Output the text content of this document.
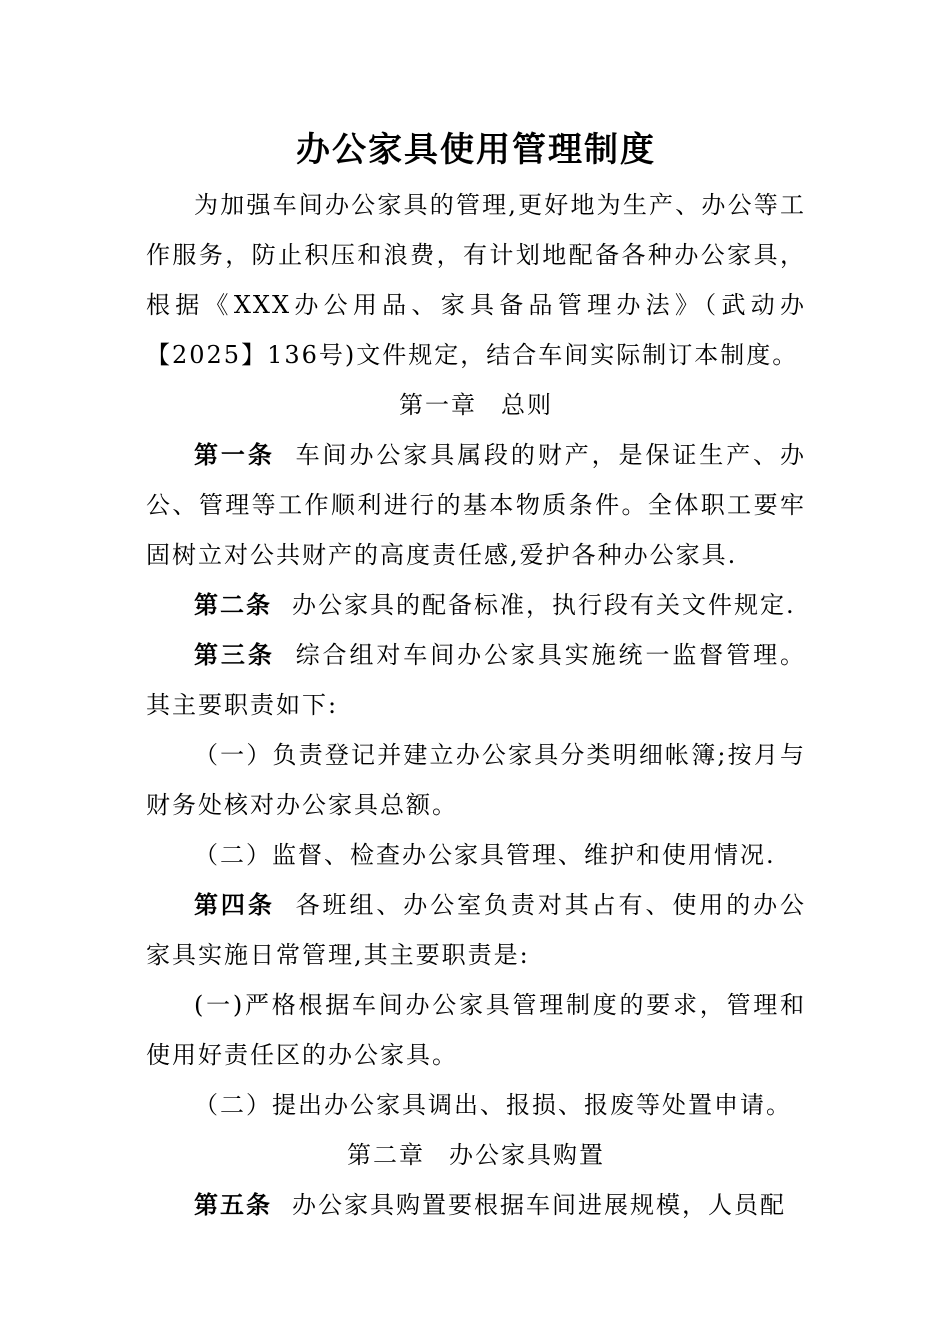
办公家具使用管理制度

为加强车间办公家具的管理,更好地为生产、办公等工作服务，防止积压和浪费，有计划地配备各种办公家具，根据《XXX办公用品、家具备品管理办法》（武动办【2025】136号)文件规定，结合车间实际制订本制度。

第一章 总则

第一条 车间办公家具属段的财产，是保证生产、办公、管理等工作顺利进行的基本物质条件。全体职工要牢固树立对公共财产的高度责任感,爱护各种办公家具.

第二条 办公家具的配备标准，执行段有关文件规定.

第三条 综合组对车间办公家具实施统一监督管理。其主要职责如下:

（一）负责登记并建立办公家具分类明细帐簿;按月与财务处核对办公家具总额。

（二）监督、检查办公家具管理、维护和使用情况.

第四条 各班组、办公室负责对其占有、使用的办公家具实施日常管理,其主要职责是:

(一)严格根据车间办公家具管理制度的要求，管理和使用好责任区的办公家具。

（二）提出办公家具调出、报损、报废等处置申请。

第二章 办公家具购置

第五条 办公家具购置要根据车间进展规模，人员配
